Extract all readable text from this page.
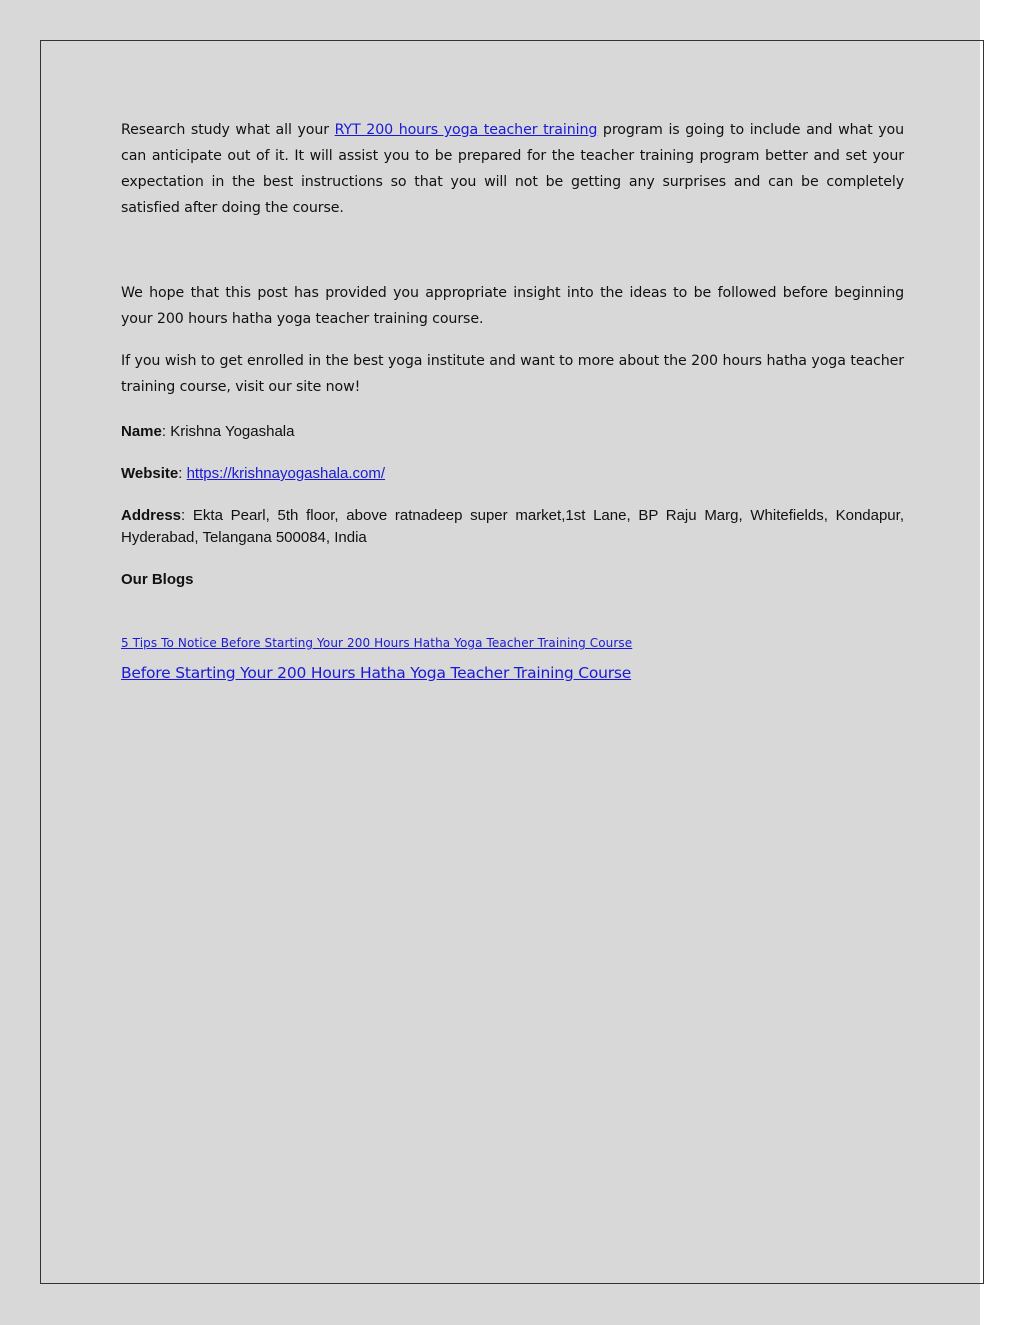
Research study what all your RYT 200 hours yoga teacher training program is going to include and what you can anticipate out of it. It will assist you to be prepared for the teacher training program better and set your expectation in the best instructions so that you will not be getting any surprises and can be completely satisfied after doing the course.

We hope that this post has provided you appropriate insight into the ideas to be followed before beginning your 200 hours hatha yoga teacher training course.

If you wish to get enrolled in the best yoga institute and want to more about the 200 hours hatha yoga teacher training course, visit our site now!

Name: Krishna Yogashala

Website: https://krishnayogashala.com/

Address: Ekta Pearl, 5th floor, above ratnadeep super market,1st Lane, BP Raju Marg, Whitefields, Kondapur, Hyderabad, Telangana 500084, India

Our Blogs

5 Tips To Notice Before Starting Your 200 Hours Hatha Yoga Teacher Training Course
Before Starting Your 200 Hours Hatha Yoga Teacher Training Course
